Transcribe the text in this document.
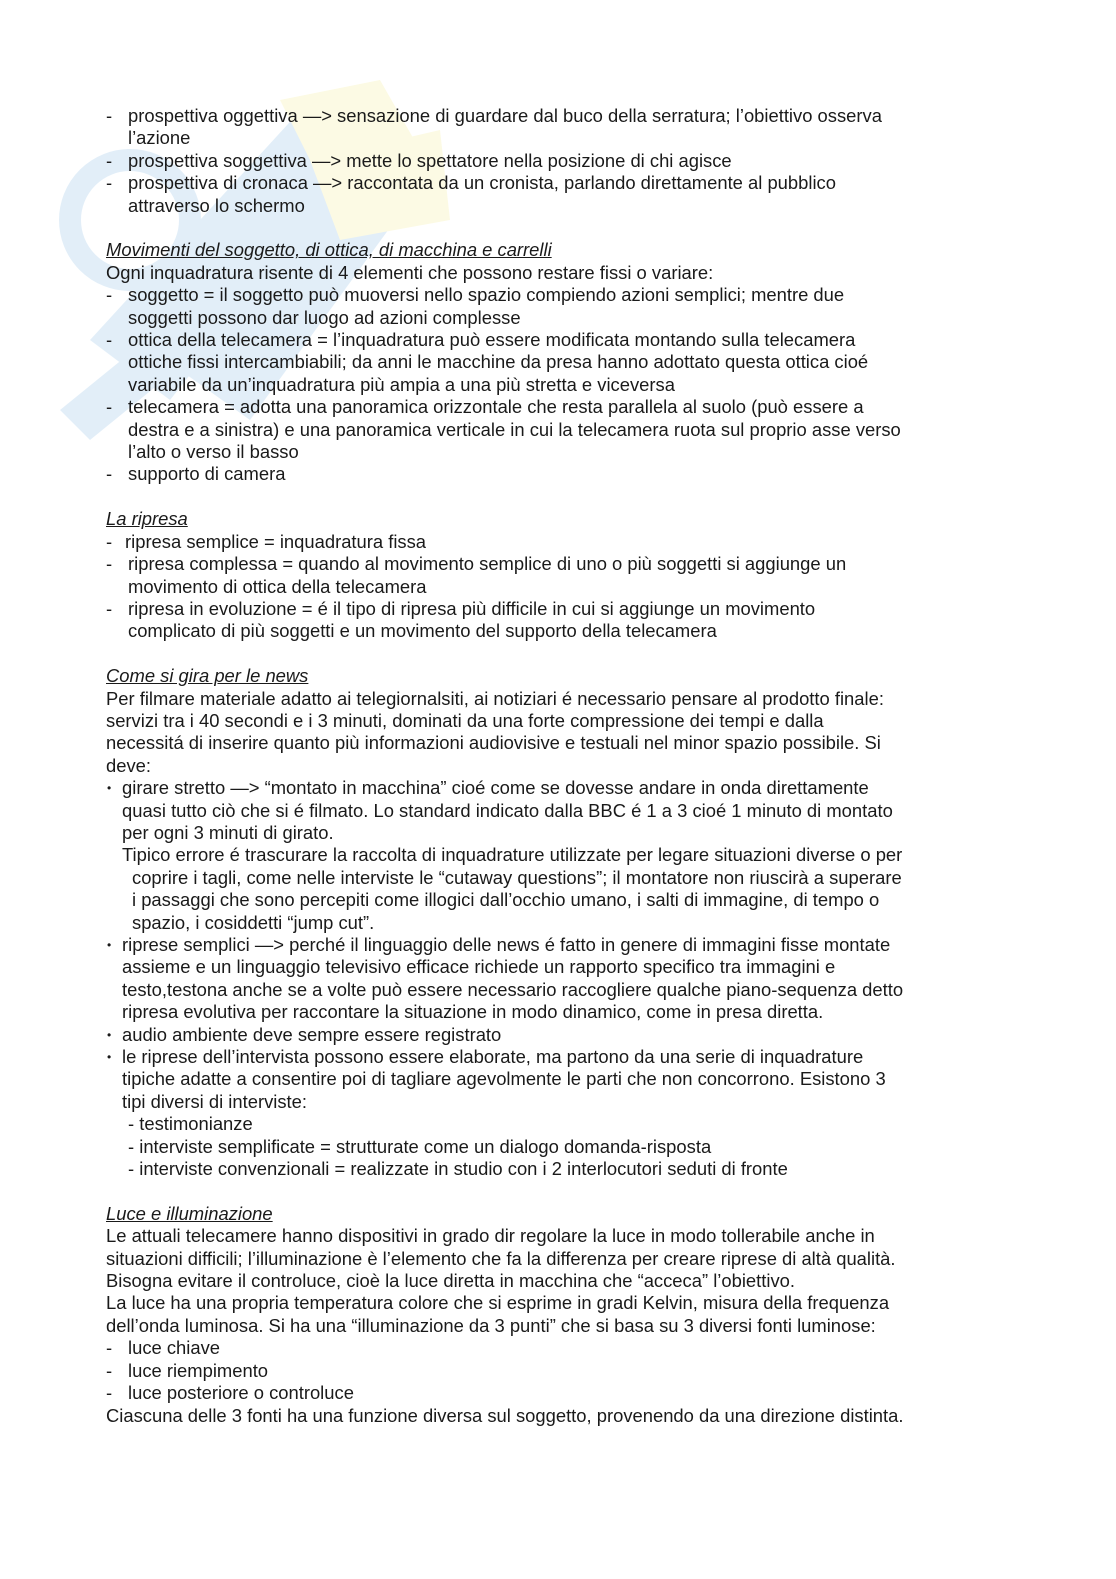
- prospettiva oggettiva —> sensazione di guardare dal buco della serratura; l’obiettivo osserva
l’azione
- prospettiva soggettiva —> mette lo spettatore nella posizione di chi agisce
- prospettiva di cronaca —> raccontata da un cronista, parlando direttamente al pubblico
attraverso lo schermo
Movimenti del soggetto, di ottica, di macchina e carrelli
Ogni inquadratura risente di 4 elementi che possono restare fissi o variare:
- soggetto = il soggetto può muoversi nello spazio compiendo azioni semplici; mentre due
soggetti possono dar luogo ad azioni complesse
- ottica della telecamera = l’inquadratura può essere modificata montando sulla telecamera
ottiche fissi intercambiabili; da anni le macchine da presa hanno adottato questa ottica cioé
variabile da un’inquadratura più ampia a una più stretta e viceversa
- telecamera = adotta una panoramica orizzontale che resta parallela al suolo (può essere a
destra e a sinistra) e una panoramica verticale in cui la telecamera ruota sul proprio asse verso
l’alto o verso il basso
- supporto di camera
La ripresa
- ripresa semplice = inquadratura fissa
- ripresa complessa = quando al movimento semplice di uno o più soggetti si aggiunge un
movimento di ottica della telecamera
- ripresa in evoluzione = é il tipo di ripresa più difficile in cui si aggiunge un movimento
complicato di più soggetti e un movimento del supporto della telecamera
Come si gira per le news
Per filmare materiale adatto ai telegiornalsiti, ai notiziari é necessario pensare al prodotto finale:
servizi tra i 40 secondi e i 3 minuti, dominati da una forte compressione dei tempi e dalla
necessitá di inserire quanto più informazioni audiovisive e testuali nel minor spazio possibile. Si
deve:
• girare stretto —> “montato in macchina” cioé come se dovesse andare in onda direttamente
quasi tutto ciò che si é filmato. Lo standard indicato dalla BBC é 1 a 3 cioé 1 minuto di montato
per ogni 3 minuti di girato.
Tipico errore é trascurare la raccolta di inquadrature utilizzate per legare situazioni diverse o per
coprire i tagli, come nelle interviste le “cutaway questions”; il montatore non riuscirà a superare
i passaggi che sono percepiti come illogici dall’occhio umano, i salti di immagine, di tempo o
spazio, i cosiddetti “jump cut”.
• riprese semplici —> perché il linguaggio delle news é fatto in genere di immagini fisse montate
assieme e un linguaggio televisivo efficace richiede un rapporto specifico tra immagini e
testo,testona anche se a volte può essere necessario raccogliere qualche piano-sequenza detto
ripresa evolutiva per raccontare la situazione in modo dinamico, come in presa diretta.
• audio ambiente deve sempre essere registrato
• le riprese dell’intervista possono essere elaborate, ma partono da una serie di inquadrature
tipiche adatte a consentire poi di tagliare agevolmente le parti che non concorrono. Esistono 3
tipi diversi di interviste:
- testimonianze
- interviste semplificate = strutturate come un dialogo domanda-risposta
- interviste convenzionali = realizzate in studio con i 2 interlocutori seduti di fronte
Luce e illuminazione
Le attuali telecamere hanno dispositivi in grado dir regolare la luce in modo tollerabile anche in
situazioni difficili; l’illuminazione è l’elemento che fa la differenza per creare riprese di altà qualità.
Bisogna evitare il controluce, cioè la luce diretta in macchina che “acceca” l’obiettivo.
La luce ha una propria temperatura colore che si esprime in gradi Kelvin, misura della frequenza
dell’onda luminosa. Si ha una “illuminazione da 3 punti” che si basa su 3 diversi fonti luminose:
- luce chiave
- luce riempimento
- luce posteriore o controluce
Ciascuna delle 3 fonti ha una funzione diversa sul soggetto, provenendo da una direzione distinta.
